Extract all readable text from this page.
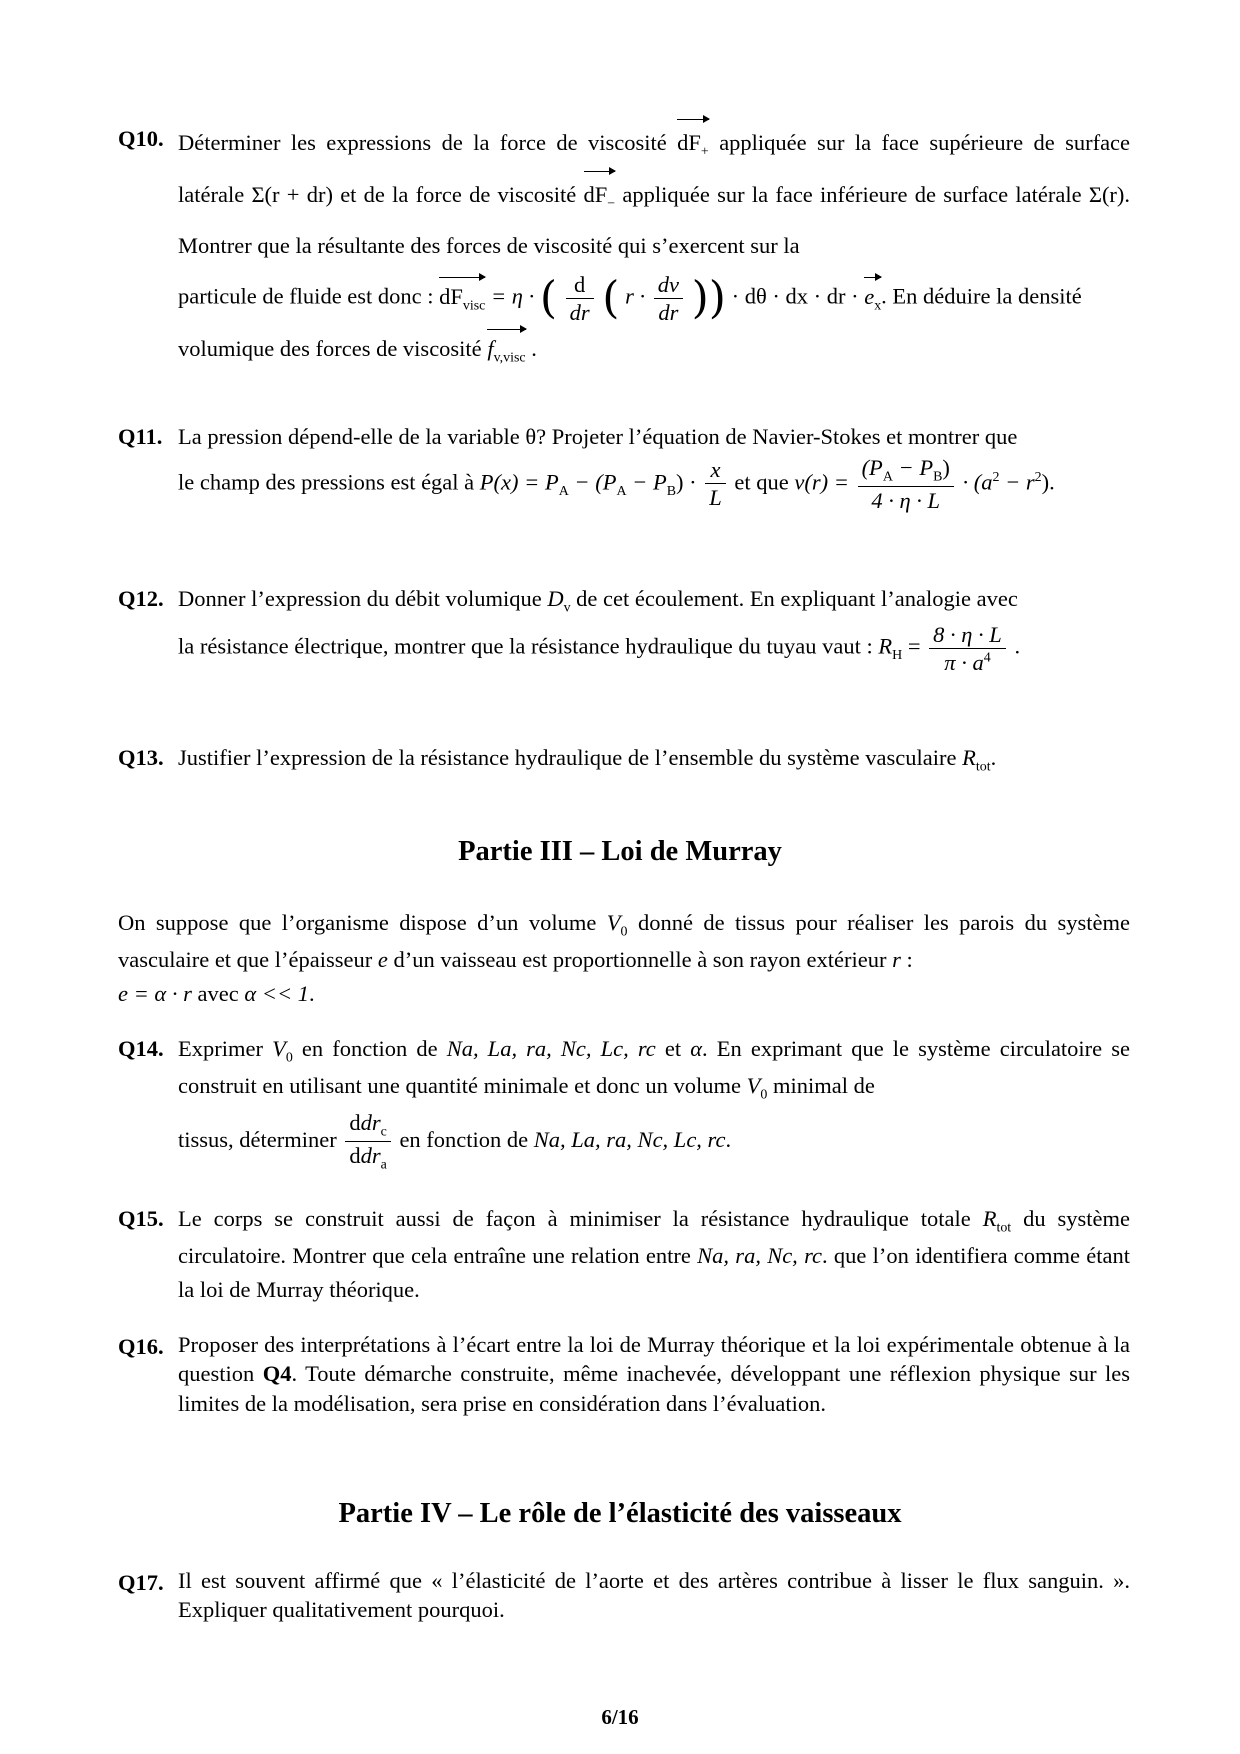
Q10. Déterminer les expressions de la force de viscosité $dF_+$ appliquée sur la face supérieure de surface latérale Σ(r + dr) et de la force de viscosité $dF_-$ appliquée sur la face inférieure de surface latérale Σ(r). Montrer que la résultante des forces de viscosité qui s’exercent sur la

particule de fluide est donc : $dF_{visc} = \eta$ · ( $\frac{d}{dr}$ ( $r \cdot \frac{dv}{dr}$ )) · dθ · dx · dr · $e_x$. En déduire la densité

volumique des forces de viscosité $f_{v,visc}$ .

Q11. La pression dépend-elle de la variable θ? Projeter l’équation de Navier-Stokes et montrer que

le champ des pressions est égal à $P(x) = P_A - (P_A - P_B) \cdot \frac{x}{L}$ et que $v(r) = \frac{(P_A - P_B)}{4 \cdot \eta \cdot L} \cdot (a^2 - r^2)$.

Q12. Donner l’expression du débit volumique $D_v$ de cet écoulement. En expliquant l’analogie avec

la résistance électrique, montrer que la résistance hydraulique du tuyau vaut : $R_H = \frac{8 \cdot \eta \cdot L}{\pi \cdot a^4}$ .

Q13. Justifier l’expression de la résistance hydraulique de l’ensemble du système vasculaire $R_{tot}$.

Partie III – Loi de Murray
On suppose que l’organisme dispose d’un volume $V_0$ donné de tissus pour réaliser les parois du système vasculaire et que l’épaisseur e d’un vaisseau est proportionnelle à son rayon extérieur r :
e = α · r avec α << 1.
Q14. Exprimer $V_0$ en fonction de Na, La, ra, Nc, Lc, rc et α. En exprimant que le système circulatoire se construit en utilisant une quantité minimale et donc un volume $V_0$ minimal de

tissus, déterminer $\frac{ddr_c}{ddr_a}$ en fonction de Na, La, ra, Nc, Lc, rc.

Q15. Le corps se construit aussi de façon à minimiser la résistance hydraulique totale $R_{tot}$ du système circulatoire. Montrer que cela entraîne une relation entre Na, ra, Nc, rc. que l’on identifiera comme étant la loi de Murray théorique.

Q16. Proposer des interprétations à l’écart entre la loi de Murray théorique et la loi expérimentale obtenue à la question Q4. Toute démarche construite, même inachevée, développant une réflexion physique sur les limites de la modélisation, sera prise en considération dans l’évaluation.

Partie IV – Le rôle de l’élasticité des vaisseaux
Q17. Il est souvent affirmé que « l’élasticité de l’aorte et des artères contribue à lisser le flux sanguin. ». Expliquer qualitativement pourquoi.

6/16
